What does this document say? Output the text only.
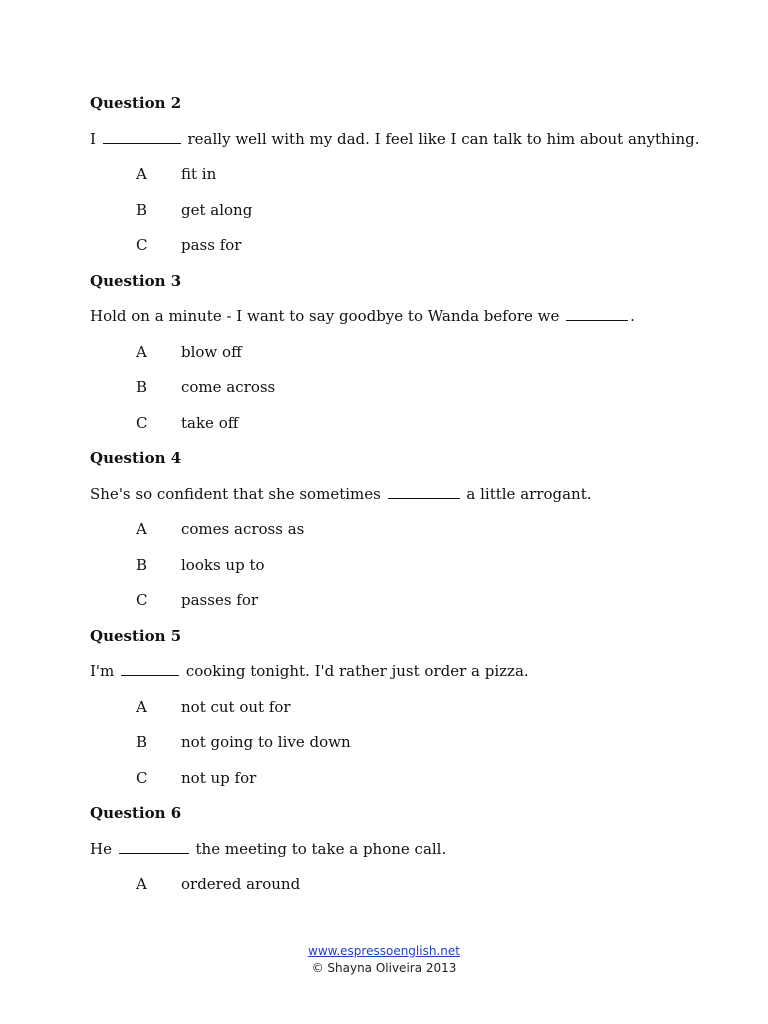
Question 2
I	really well with my dad. I feel like I can talk to him about anything.
A fit in
B get along
C pass for
Question 3
Hold on a minute - I want to say goodbye to Wanda before we	.
A blow off
B come across
C take off
Question 4
She's so confident that she sometimes	a little arrogant.
A comes across as
B looks up to
C passes for
Question 5
I'm	cooking tonight. I'd rather just order a pizza.
A not cut out for
B not going to live down
C not up for
Question 6
He	the meeting to take a phone call.
A ordered around
www.espressoenglish.net
© Shayna Oliveira 2013
